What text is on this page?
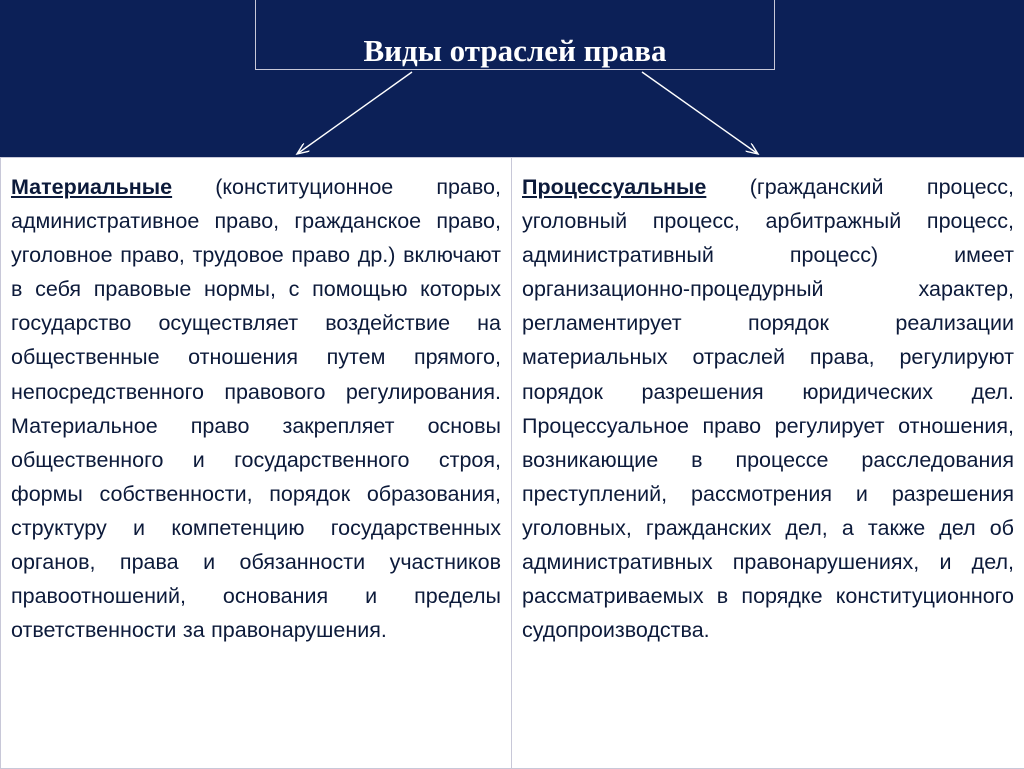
Виды отраслей права
Материальные (конституционное право, административное право, гражданское право, уголовное право, трудовое право др.) включают в себя правовые нормы, с помощью которых государство осуществляет воздействие на общественные отношения путем прямого, непосредственного правового регулирования. Материальное право закрепляет основы общественного и государственного строя, формы собственности, порядок образования, структуру и компетенцию государственных органов, права и обязанности участников правоотношений, основания и пределы ответственности за правонарушения.
Процессуальные (гражданский процесс, уголовный процесс, арбитражный процесс, административный процесс) имеет организационно-процедурный характер, регламентирует порядок реализации материальных отраслей права, регулируют порядок разрешения юридических дел. Процессуальное право регулирует отношения, возникающие в процессе расследования преступлений, рассмотрения и разрешения уголовных, гражданских дел, а также дел об административных правонарушениях, и дел, рассматриваемых в порядке конституционного судопроизводства.
